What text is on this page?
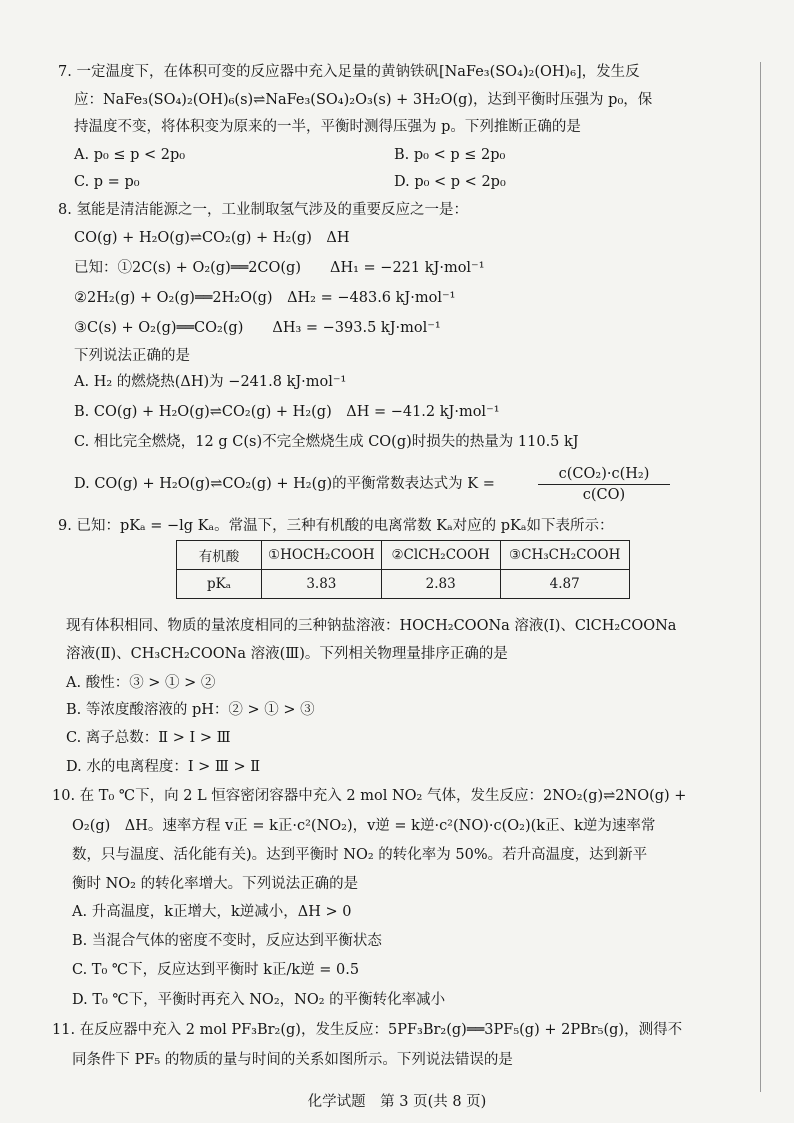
7. 一定温度下，在体积可变的反应器中充入足量的黄钠铁矾[NaFe₃(SO₄)₂(OH)₆]，发生反
应：NaFe₃(SO₄)₂(OH)₆(s)⇌NaFe₃(SO₄)₂O₃(s) + 3H₂O(g)，达到平衡时压强为 p₀，保
持温度不变，将体积变为原来的一半，平衡时测得压强为 p。下列推断正确的是
A. p₀ ≤ p < 2p₀	B. p₀ < p ≤ 2p₀
C. p = p₀	D. p₀ < p < 2p₀
8. 氢能是清洁能源之一，工业制取氢气涉及的重要反应之一是：
CO(g) + H₂O(g)⇌CO₂(g) + H₂(g)　ΔH
已知：①2C(s) + O₂(g)══2CO(g)　　ΔH₁ = −221 kJ·mol⁻¹
②2H₂(g) + O₂(g)══2H₂O(g)　ΔH₂ = −483.6 kJ·mol⁻¹
③C(s) + O₂(g)══CO₂(g)　　ΔH₃ = −393.5 kJ·mol⁻¹
下列说法正确的是
A. H₂ 的燃烧热(ΔH)为 −241.8 kJ·mol⁻¹
B. CO(g) + H₂O(g)⇌CO₂(g) + H₂(g)　ΔH = −41.2 kJ·mol⁻¹
C. 相比完全燃烧，12 g C(s)不完全燃烧生成 CO(g)时损失的热量为 110.5 kJ
D. CO(g) + H₂O(g)⇌CO₂(g) + H₂(g)的平衡常数表达式为 K =	$\frac{\text{c(CO₂)·c(H₂)}}{c(CO)}$
9. 已知：pKₐ = −lg Kₐ。常温下，三种有机酸的电离常数 Kₐ对应的 pKₐ如下表所示：
有机酸	①HOCH₂COOH	②ClCH₂COOH	③CH₃CH₂COOH
pKₐ	3.83	2.83	4.87
现有体积相同、物质的量浓度相同的三种钠盐溶液：HOCH₂COONa 溶液(Ⅰ)、ClCH₂COONa
溶液(Ⅱ)、CH₃CH₂COONa 溶液(Ⅲ)。下列相关物理量排序正确的是
A. 酸性：③ > ① > ②
B. 等浓度酸溶液的 pH：② > ① > ③
C. 离子总数：Ⅱ > Ⅰ > Ⅲ
D. 水的电离程度：Ⅰ > Ⅲ > Ⅱ
10. 在 T₀ ℃下，向 2 L 恒容密闭容器中充入 2 mol NO₂ 气体，发生反应：2NO₂(g)⇌2NO(g) +
O₂(g)　ΔH。速率方程 v正 = k正·c²(NO₂)，v逆 = k逆·c²(NO)·c(O₂)(k正、k逆为速率常
数，只与温度、活化能有关)。达到平衡时 NO₂ 的转化率为 50%。若升高温度，达到新平
衡时 NO₂ 的转化率增大。下列说法正确的是
A. 升高温度，k正增大，k逆减小，ΔH > 0
B. 当混合气体的密度不变时，反应达到平衡状态
C. T₀ ℃下，反应达到平衡时 k正/k逆 = 0.5
D. T₀ ℃下，平衡时再充入 NO₂，NO₂ 的平衡转化率减小
11. 在反应器中充入 2 mol PF₃Br₂(g)，发生反应：5PF₃Br₂(g)══3PF₅(g) + 2PBr₅(g)，测得不
同条件下 PF₅ 的物质的量与时间的关系如图所示。下列说法错误的是
化学试题　第 3 页(共 8 页)
